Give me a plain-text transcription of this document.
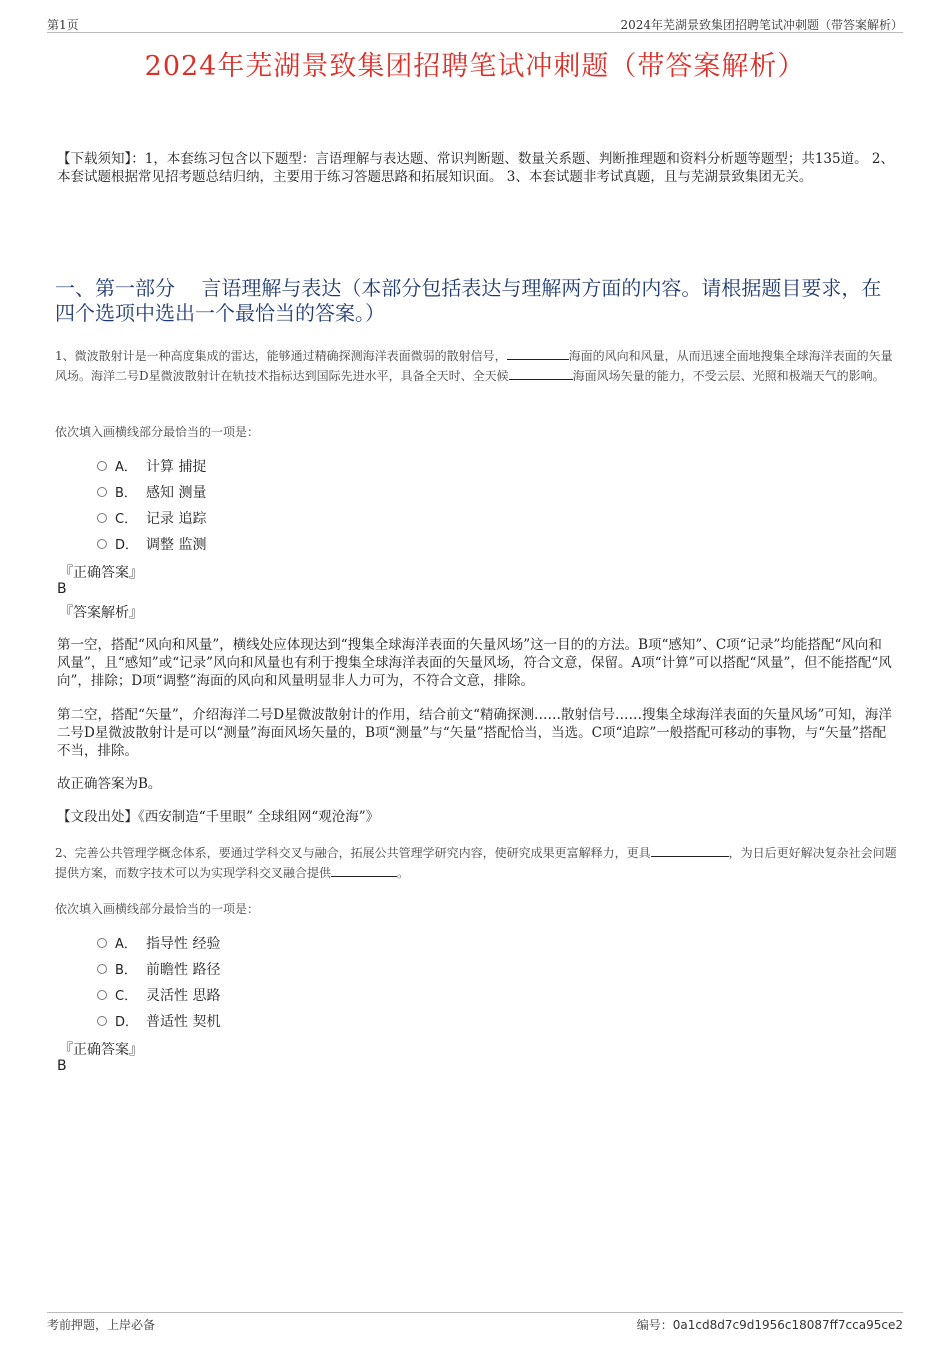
第1页	2024年芜湖景致集团招聘笔试冲刺题（带答案解析）
2024年芜湖景致集团招聘笔试冲刺题（带答案解析）
【下载须知】：1，本套练习包含以下题型：言语理解与表达题、常识判断题、数量关系题、判断推理题和资料分析题等题型；共135道。 2、本套试题根据常见招考题总结归纳，主要用于练习答题思路和拓展知识面。 3、本套试题非考试真题，且与芜湖景致集团无关。
一、第一部分　 言语理解与表达（本部分包括表达与理解两方面的内容。请根据题目要求，在四个选项中选出一个最恰当的答案。）
1、微波散射计是一种高度集成的雷达，能够通过精确探测海洋表面微弱的散射信号，	海面的风向和风量，从而迅速全面地搜集全球海洋表面的矢量风场。海洋二号D星微波散射计在轨技术指标达到国际先进水平，具备全天时、全天候	海面风场矢量的能力，不受云层、光照和极端天气的影响。
依次填入画横线部分最恰当的一项是：
A． 计算 捕捉
B． 感知 测量
C． 记录 追踪
D． 调整 监测
『正确答案』
B
『答案解析』
第一空，搭配“风向和风量”，横线处应体现达到“搜集全球海洋表面的矢量风场”这一目的的方法。B项“感知”、C项“记录”均能搭配“风向和风量”，且“感知”或“记录”风向和风量也有利于搜集全球海洋表面的矢量风场，符合文意，保留。A项“计算”可以搭配“风量”，但不能搭配“风向”，排除；D项“调整”海面的风向和风量明显非人力可为，不符合文意，排除。
第二空，搭配“矢量”，介绍海洋二号D星微波散射计的作用，结合前文“精确探测……散射信号……搜集全球海洋表面的矢量风场”可知，海洋二号D星微波散射计是可以“测量”海面风场矢量的，B项“测量”与“矢量”搭配恰当，当选。C项“追踪”一般搭配可移动的事物，与“矢量”搭配不当，排除。
故正确答案为B。
【文段出处】《西安制造“千里眼” 全球组网“观沧海”》
2、完善公共管理学概念体系，要通过学科交叉与融合，拓展公共管理学研究内容，使研究成果更富解释力，更具	，为日后更好解决复杂社会问题提供方案，而数字技术可以为实现学科交叉融合提供	。
依次填入画横线部分最恰当的一项是：
A． 指导性 经验
B． 前瞻性 路径
C． 灵活性 思路
D． 普适性 契机
『正确答案』
B
考前押题，上岸必备	编号：0a1cd8d7c9d1956c18087ff7cca95ce2
